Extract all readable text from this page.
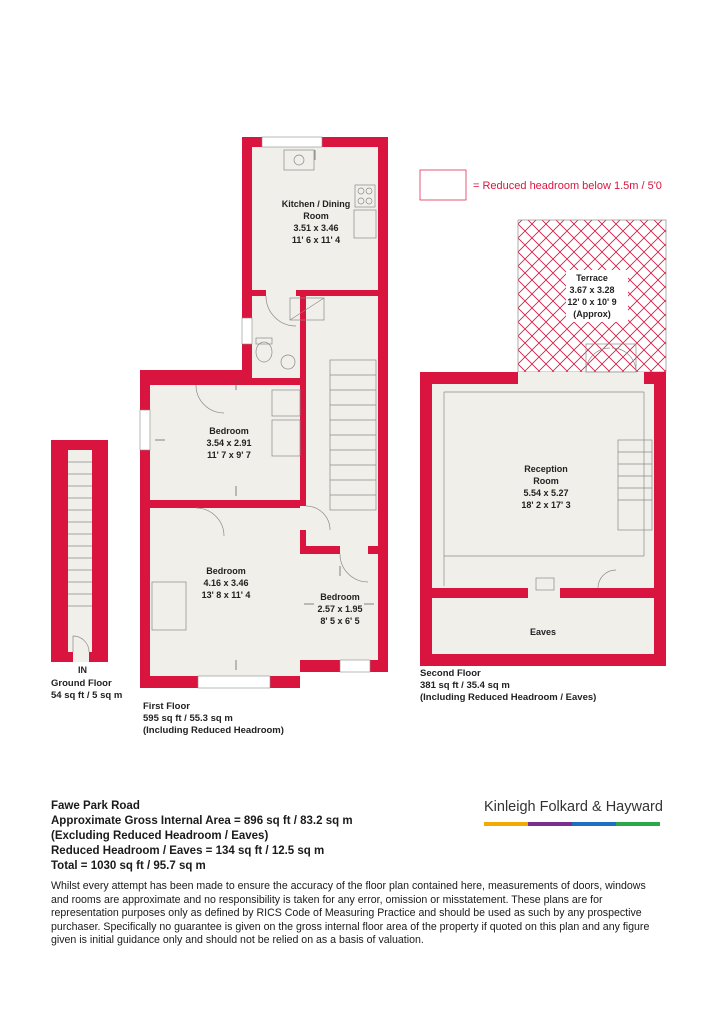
= Reduced headroom below 1.5m / 5'0
IN
Ground Floor
54 sq ft / 5 sq m
Kitchen / Dining
Room
3.51 x 3.46
11' 6 x 11' 4
Bedroom
3.54 x 2.91
11' 7 x 9' 7
Bedroom
4.16 x 3.46
13' 8 x 11' 4	Bedroom
2.57 x 1.95
8' 5 x 6' 5
First Floor
595 sq ft / 55.3 sq m
(Including Reduced Headroom)
Terrace
3.67 x 3.28
12' 0 x 10' 9
(Approx)
Reception
Room
5.54 x 5.27
18' 2 x 17' 3
Eaves
Second Floor
381 sq ft / 35.4 sq m
(Including Reduced Headroom / Eaves)
Fawe Park Road
Approximate Gross Internal Area = 896 sq ft / 83.2 sq m
(Excluding Reduced Headroom / Eaves)
Reduced Headroom / Eaves = 134 sq ft / 12.5 sq m
Total = 1030 sq ft / 95.7 sq m
Whilst every attempt has been made to ensure the accuracy of the floor plan contained here, measurements of doors, windows and rooms are approximate and no responsibility is taken for any error, omission or misstatement. These plans are for representation purposes only as defined by RICS Code of Measuring Practice and should be used as such by any prospective purchaser. Specifically no guarantee is given on the gross internal floor area of the property if quoted on this plan and any figure given is initial guidance only and should not be relied on as a basis of valuation.
Kinleigh Folkard & Hayward
